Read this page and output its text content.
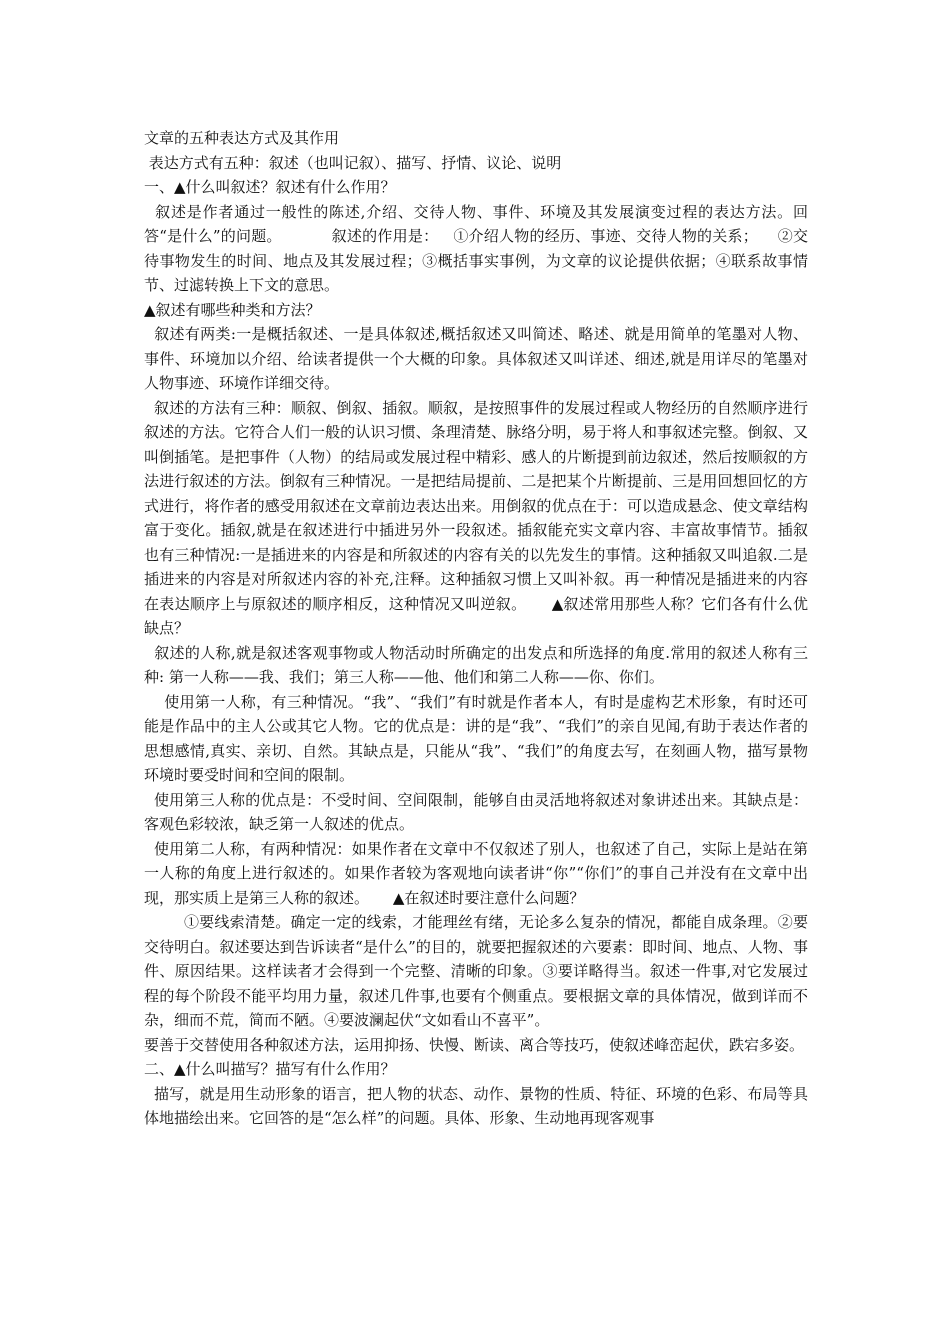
文章的五种表达方式及其作用

表达方式有五种：叙述（也叫记叙）、描写、抒情、议论、说明

一、▲什么叫叙述？叙述有什么作用？

叙述是作者通过一般性的陈述,介绍、交待人物、事件、环境及其发展演变过程的表达方法。回答“是什么”的问题。          叙述的作用是：   ①介绍人物的经历、事迹、交待人物的关系；    ②交待事物发生的时间、地点及其发展过程；③概括事实事例，为文章的议论提供依据；④联系故事情节、过滤转换上下文的意思。

▲叙述有哪些种类和方法？

叙述有两类:一是概括叙述、一是具体叙述,概括叙述又叫简述、略述、就是用简单的笔墨对人物、事件、环境加以介绍、给读者提供一个大概的印象。具体叙述又叫详述、细述,就是用详尽的笔墨对人物事迹、环境作详细交待。

叙述的方法有三种：顺叙、倒叙、插叙。顺叙，是按照事件的发展过程或人物经历的自然顺序进行叙述的方法。它符合人们一般的认识习惯、条理清楚、脉络分明，易于将人和事叙述完整。倒叙、又叫倒插笔。是把事件（人物）的结局或发展过程中精彩、感人的片断提到前边叙述，然后按顺叙的方法进行叙述的方法。倒叙有三种情况。一是把结局提前、二是把某个片断提前、三是用回想回忆的方式进行，将作者的感受用叙述在文章前边表达出来。用倒叙的优点在于：可以造成悬念、使文章结构富于变化。插叙,就是在叙述进行中插进另外一段叙述。插叙能充实文章内容、丰富故事情节。插叙也有三种情况:一是插进来的内容是和所叙述的内容有关的以先发生的事情。这种插叙又叫追叙.二是插进来的内容是对所叙述内容的补充,注释。这种插叙习惯上又叫补叙。再一种情况是插进来的内容在表达顺序上与原叙述的顺序相反，这种情况又叫逆叙。     ▲叙述常用那些人称？它们各有什么优缺点？

叙述的人称,就是叙述客观事物或人物活动时所确定的出发点和所选择的角度.常用的叙述人称有三种: 第一人称——我、我们；第三人称——他、他们和第二人称——你、你们。

使用第一人称，有三种情况。“我”、“我们”有时就是作者本人，有时是虚构艺术形象，有时还可能是作品中的主人公或其它人物。它的优点是：讲的是“我”、“我们”的亲自见闻,有助于表达作者的思想感情,真实、亲切、自然。其缺点是，只能从“我”、“我们”的角度去写，在刻画人物，描写景物环境时要受时间和空间的限制。

使用第三人称的优点是：不受时间、空间限制，能够自由灵活地将叙述对象讲述出来。其缺点是：客观色彩较浓，缺乏第一人叙述的优点。

使用第二人称，有两种情况：如果作者在文章中不仅叙述了别人，也叙述了自己，实际上是站在第一人称的角度上进行叙述的。如果作者较为客观地向读者讲“你”“你们”的事自己并没有在文章中出现，那实质上是第三人称的叙述。     ▲在叙述时要注意什么问题？

①要线索清楚。确定一定的线索，才能理丝有绪，无论多么复杂的情况，都能自成条理。②要交待明白。叙述要达到告诉读者“是什么”的目的，就要把握叙述的六要素：即时间、地点、人物、事件、原因结果。这样读者才会得到一个完整、清晰的印象。③要详略得当。叙述一件事,对它发展过程的每个阶段不能平均用力量，叙述几件事,也要有个侧重点。要根据文章的具体情况，做到详而不杂，细而不荒，简而不陋。④要波澜起伏“文如看山不喜平”。

要善于交替使用各种叙述方法，运用抑扬、快慢、断读、离合等技巧，使叙述峰峦起伏，跌宕多姿。

二、▲什么叫描写？描写有什么作用？

描写，就是用生动形象的语言，把人物的状态、动作、景物的性质、特征、环境的色彩、布局等具体地描绘出来。它回答的是“怎么样”的问题。具体、形象、生动地再现客观事
